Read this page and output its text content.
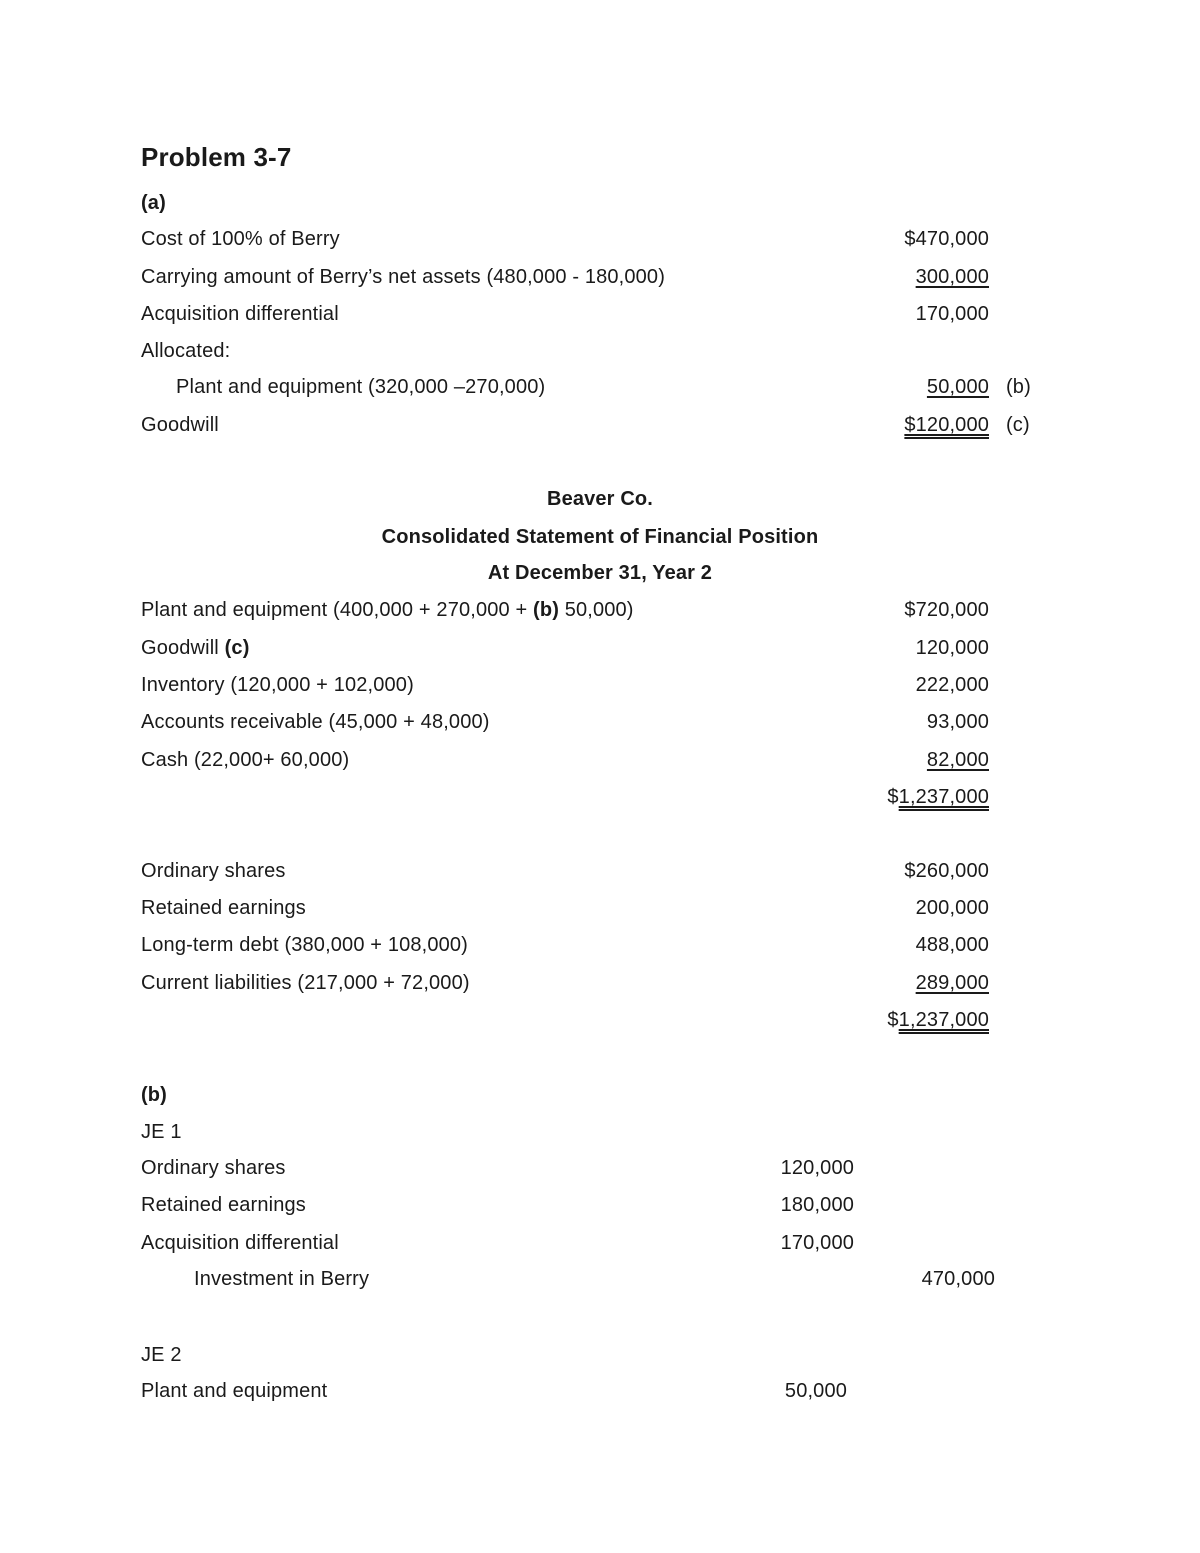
Problem 3-7
(a)
Cost of 100% of Berry	$470,000
Carrying amount of Berry’s net assets (480,000 - 180,000)	300,000
Acquisition differential	170,000
Allocated:
Plant and equipment (320,000 –270,000)	50,000 (b)
Goodwill	$120,000 (c)
Beaver Co.
Consolidated Statement of Financial Position
At December 31, Year 2
Plant and equipment (400,000 + 270,000 + (b) 50,000)	$720,000
Goodwill (c)	120,000
Inventory (120,000 + 102,000)	222,000
Accounts receivable (45,000 + 48,000)	93,000
Cash (22,000+ 60,000)	82,000
$1,237,000
Ordinary shares	$260,000
Retained earnings	200,000
Long-term debt (380,000 + 108,000)	488,000
Current liabilities (217,000 + 72,000)	289,000
$1,237,000
(b)
JE 1
Ordinary shares	120,000
Retained earnings	180,000
Acquisition differential	170,000
Investment in Berry	470,000
JE 2
Plant and equipment	50,000
